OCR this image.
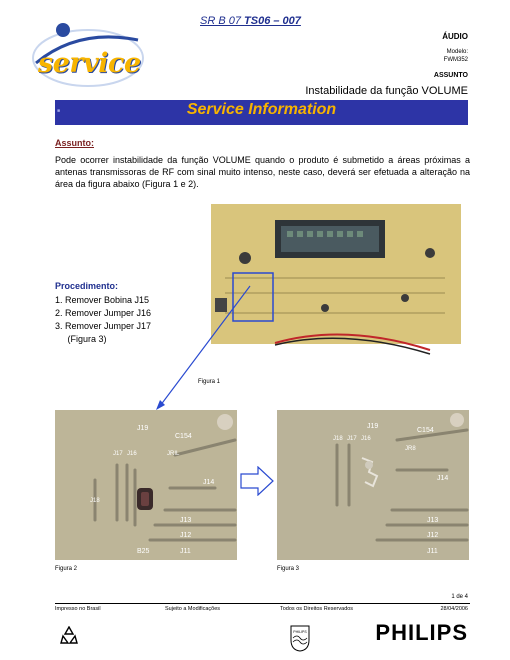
SR B 07 TS06 – 007
service
ÁUDIO
Modelo:
FWM352
ASSUNTO
Instabilidade da função VOLUME
■	Service Information
Assunto:

Pode ocorrer instabilidade da função VOLUME quando o produto é submetido a áreas próximas a antenas transmissoras de RF com sinal muito intenso, neste caso, deverá ser efetuada a alteração na área da figura abaixo (Figura 1 e 2).

Procedimento:
1. Remover Bobina J15
2. Remover Jumper J16
3. Remover Jumper J17
(Figura 3)
Figura 1
J19
C154
J17 J16	JRIL
J18
J14
J13
J12
J11
B25
Figura 2
J18 J17 J16
J19
C154
JR8
J14
J13
J12
J11
Figura 3
1 de 4
Impresso no Brasil	Sujeito a Modificações	Todos os Direitos Reservados	28/04/2006
PHILIPS	PHILIPS
